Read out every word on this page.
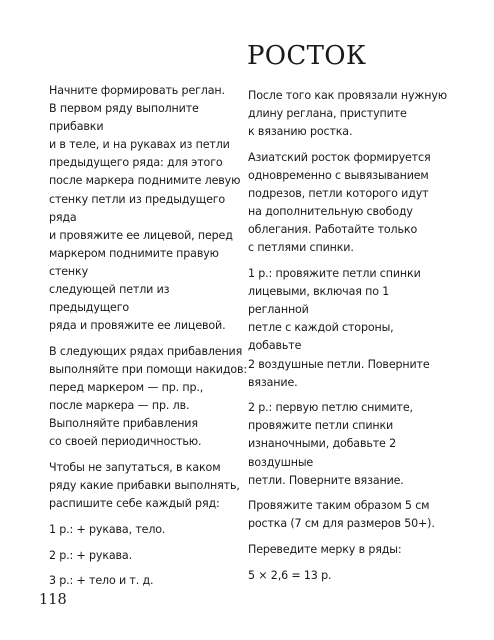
РОСТОК

Начните формировать реглан.
В первом ряду выполните прибавки
и в теле, и на рукавах из петли
предыдущего ряда: для этого
после маркера поднимите левую
стенку петли из предыдущего ряда
и провяжите ее лицевой, перед
маркером поднимите правую стенку
следующей петли из предыдущего
ряда и провяжите ее лицевой.

В следующих рядах прибавления
выполняйте при помощи накидов:
перед маркером — пр. пр.,
после маркера — пр. лв.
Выполняйте прибавления
со своей периодичностью.

Чтобы не запутаться, в каком
ряду какие прибавки выполнять,
распишите себе каждый ряд:

1 р.: + рукава, тело.

2 р.: + рукава.

3 р.: + тело и т. д.

После того как провязали нужную
длину реглана, приступите
к вязанию ростка.

Азиатский росток формируется
одновременно с вывязыванием
подрезов, петли которого идут
на дополнительную свободу
облегания. Работайте только
с петлями спинки.

1 р.: провяжите петли спинки
лицевыми, включая по 1 регланной
петле с каждой стороны, добавьте
2 воздушные петли. Поверните
вязание.

2 р.: первую петлю снимите,
провяжите петли спинки
изнаночными, добавьте 2 воздушные
петли. Поверните вязание.

Провяжите таким образом 5 см
ростка (7 см для размеров 50+).

Переведите мерку в ряды:

5 × 2,6 = 13 р.

118
